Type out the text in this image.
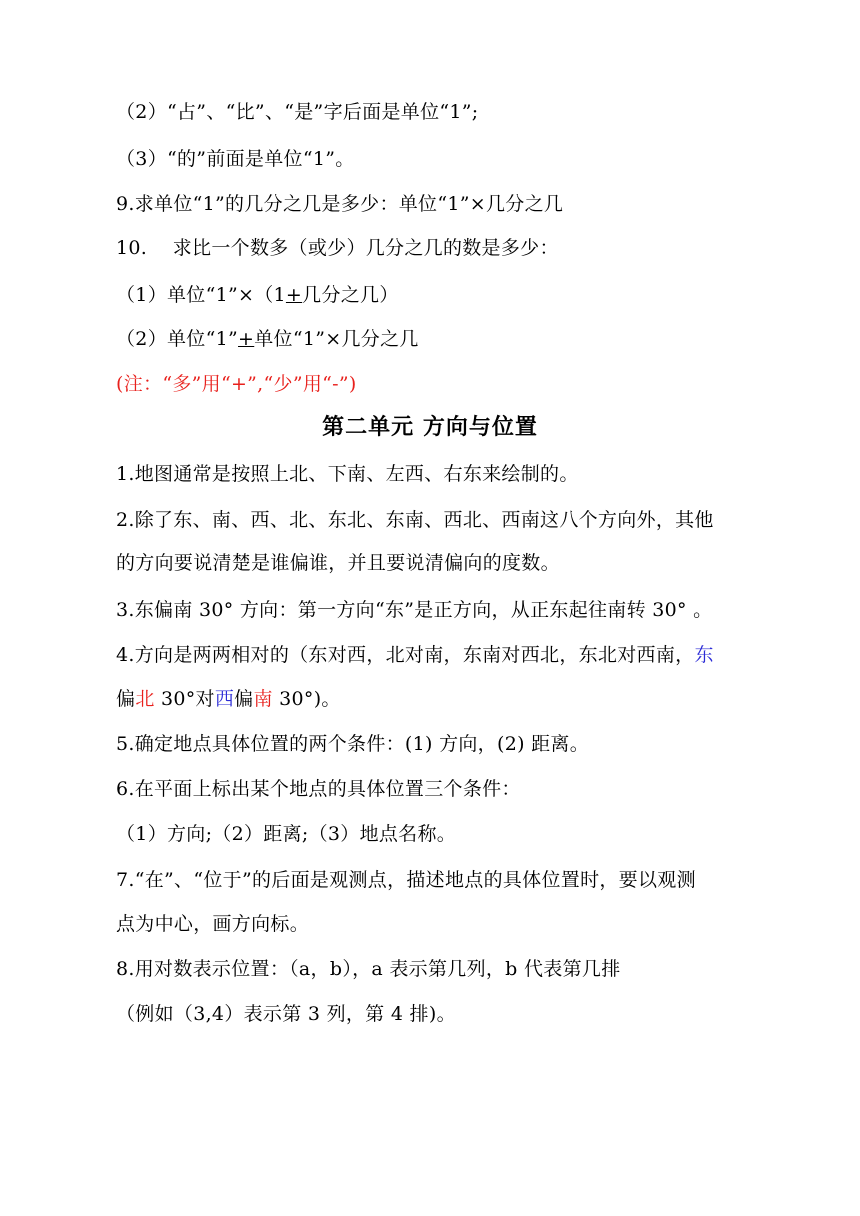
（2）“占”、“比”、“是”字后面是单位“1”;
（3）“的”前面是单位“1”。
9.求单位“1”的几分之几是多少：单位“1”×几分之几
10.　 求比一个数多（或少）几分之几的数是多少：
（1）单位“1”×（1+几分之几）
（2）单位“1”+单位“1”×几分之几
(注：“多”用“+”,“少”用“-”)
第二单元 方向与位置
1.地图通常是按照上北、下南、左西、右东来绘制的。
2.除了东、南、西、北、东北、东南、西北、西南这八个方向外，其他
的方向要说清楚是谁偏谁，并且要说清偏向的度数。
3.东偏南 30° 方向：第一方向“东”是正方向，从正东起往南转 30° 。
4.方向是两两相对的（东对西，北对南，东南对西北，东北对西南，东
偏北 30°对西偏南 30°)。
5.确定地点具体位置的两个条件：(1) 方向，(2) 距离。
6.在平面上标出某个地点的具体位置三个条件：
（1）方向;（2）距离;（3）地点名称。
7.“在”、“位于”的后面是观测点，描述地点的具体位置时，要以观测
点为中心，画方向标。
8.用对数表示位置：（a，b），a 表示第几列，b 代表第几排
（例如（3,4）表示第 3 列，第 4 排)。
